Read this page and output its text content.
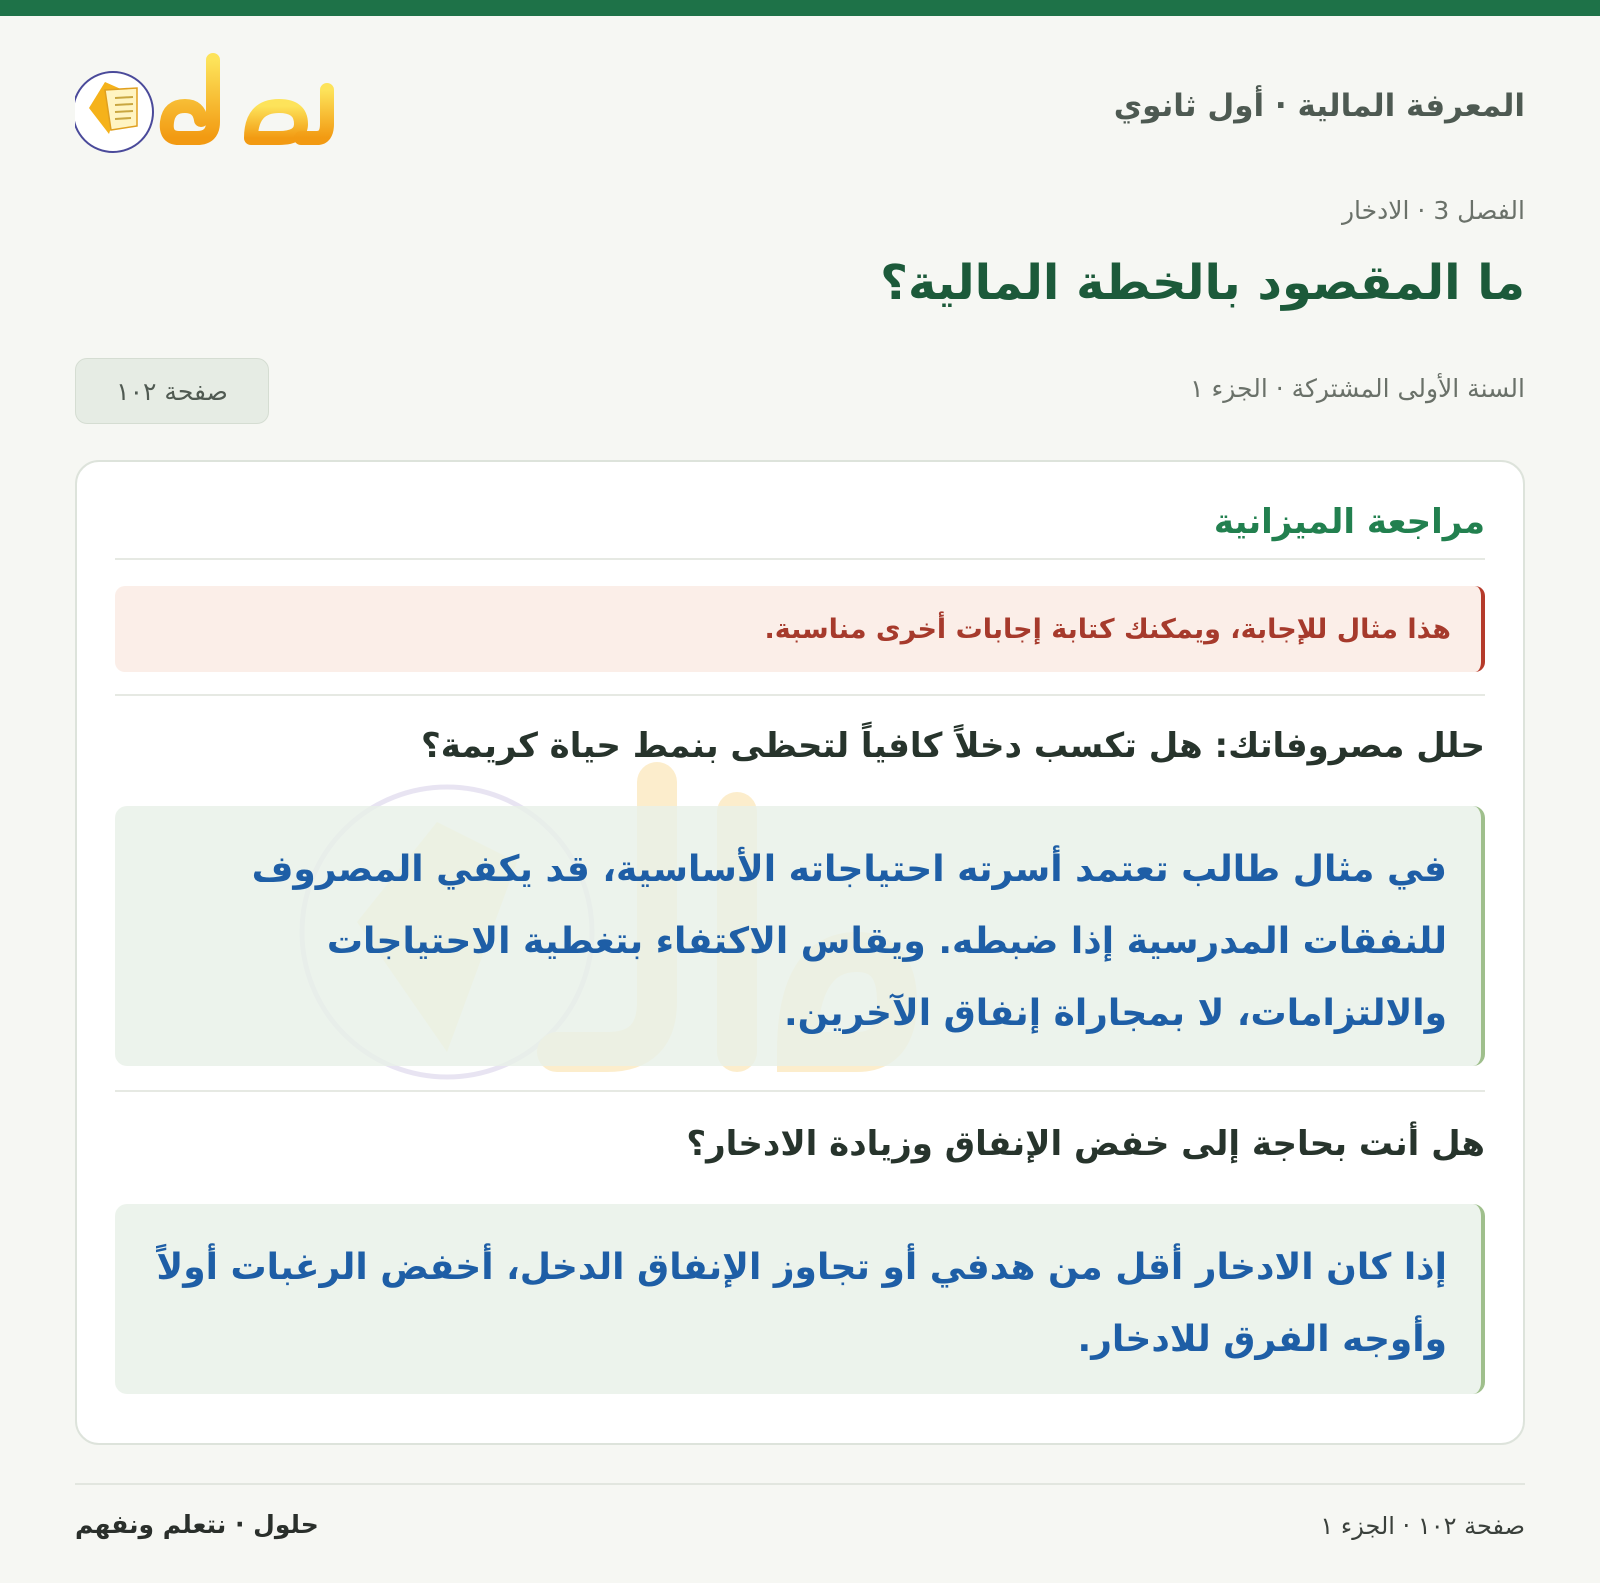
المعرفة المالية · أول ثانوي
الفصل 3 · الادخار
ما المقصود بالخطة المالية؟
السنة الأولى المشتركة · الجزء ١
صفحة ١٠٢
مراجعة الميزانية
هذا مثال للإجابة، ويمكنك كتابة إجابات أخرى مناسبة.
حلل مصروفاتك: هل تكسب دخلاً كافياً لتحظى بنمط حياة كريمة؟
في مثال طالب تعتمد أسرته احتياجاته الأساسية، قد يكفي المصروف للنفقات المدرسية إذا ضبطه. ويقاس الاكتفاء بتغطية الاحتياجات والالتزامات، لا بمجاراة إنفاق الآخرين.
هل أنت بحاجة إلى خفض الإنفاق وزيادة الادخار؟
إذا كان الادخار أقل من هدفي أو تجاوز الإنفاق الدخل، أخفض الرغبات أولاً وأوجه الفرق للادخار.
حلول · نتعلم ونفهم	صفحة ١٠٢ · الجزء ١
